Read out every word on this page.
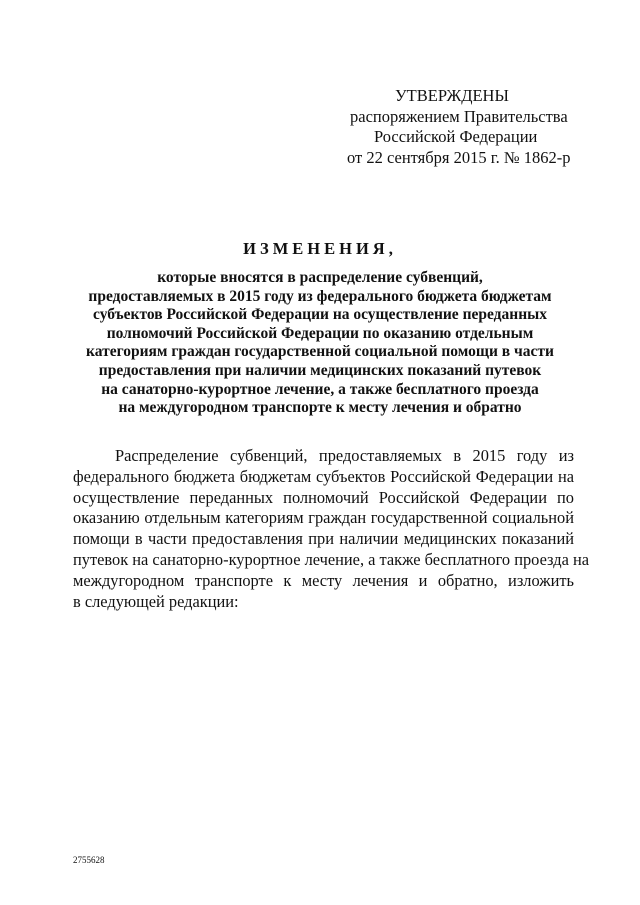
УТВЕРЖДЕНЫ
распоряжением Правительства
Российской Федерации
от 22 сентября 2015 г. № 1862-р
ИЗМЕНЕНИЯ,
которые вносятся в распределение субвенций,
предоставляемых в 2015 году из федерального бюджета бюджетам
субъектов Российской Федерации на осуществление переданных
полномочий Российской Федерации по оказанию отдельным
категориям граждан государственной социальной помощи в части
предоставления при наличии медицинских показаний путевок
на санаторно-курортное лечение, а также бесплатного проезда
на междугородном транспорте к месту лечения и обратно
Распределение субвенций, предоставляемых в 2015 году из
федерального бюджета бюджетам субъектов Российской Федерации на
осуществление переданных полномочий Российской Федерации по
оказанию отдельным категориям граждан государственной социальной
помощи в части предоставления при наличии медицинских показаний
путевок на санаторно-курортное лечение, а также бесплатного проезда на
междугородном транспорте к месту лечения и обратно, изложить
в следующей редакции:
2755628
